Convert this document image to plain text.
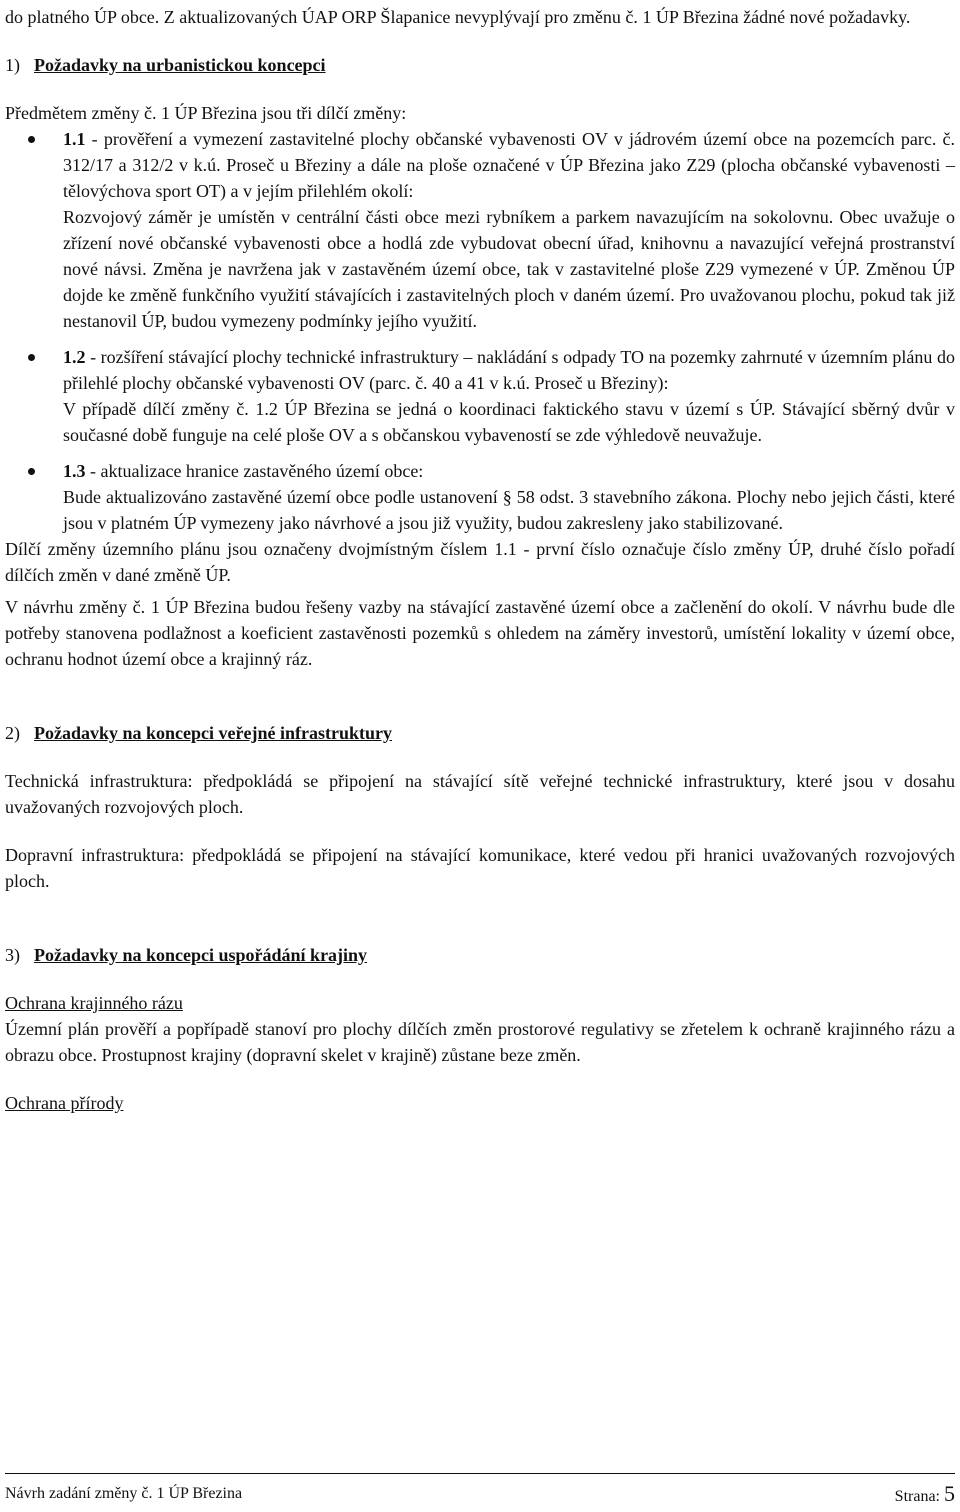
do platného ÚP obce. Z aktualizovaných ÚAP ORP Šlapanice nevyplývají pro změnu č. 1 ÚP Březina žádné nové požadavky.

1) Požadavky na urbanistickou koncepci

Předmětem změny č. 1 ÚP Březina jsou tři dílčí změny:

1.1 - prověření a vymezení zastavitelné plochy občanské vybavenosti OV v jádrovém území obce na pozemcích parc. č. 312/17 a 312/2 v k.ú. Proseč u Březiny a dále na ploše označené v ÚP Březina jako Z29 (plocha občanské vybavenosti – tělovýchova sport OT) a v jejím přilehlém okolí:

Rozvojový záměr je umístěn v centrální části obce mezi rybníkem a parkem navazujícím na sokolovnu. Obec uvažuje o zřízení nové občanské vybavenosti obce a hodlá zde vybudovat obecní úřad, knihovnu a navazující veřejná prostranství nové návsi. Změna je navržena jak v zastavěném území obce, tak v zastavitelné ploše Z29 vymezené v ÚP. Změnou ÚP dojde ke změně funkčního využití stávajících i zastavitelných ploch v daném území. Pro uvažovanou plochu, pokud tak již nestanovil ÚP, budou vymezeny podmínky jejího využití.

1.2 - rozšíření stávající plochy technické infrastruktury – nakládání s odpady TO na pozemky zahrnuté v územním plánu do přilehlé plochy občanské vybavenosti OV (parc. č. 40 a 41 v k.ú. Proseč u Březiny):

V případě dílčí změny č. 1.2 ÚP Březina se jedná o koordinaci faktického stavu v území s ÚP. Stávající sběrný dvůr v současné době funguje na celé ploše OV a s občanskou vybaveností se zde výhledově neuvažuje.

1.3 - aktualizace hranice zastavěného území obce:

Bude aktualizováno zastavěné území obce podle ustanovení § 58 odst. 3 stavebního zákona. Plochy nebo jejich části, které jsou v platném ÚP vymezeny jako návrhové a jsou již využity, budou zakresleny jako stabilizované.

Dílčí změny územního plánu jsou označeny dvojmístným číslem 1.1 - první číslo označuje číslo změny ÚP, druhé číslo pořadí dílčích změn v dané změně ÚP.

V návrhu změny č. 1 ÚP Březina budou řešeny vazby na stávající zastavěné území obce a začlenění do okolí. V návrhu bude dle potřeby stanovena podlažnost a koeficient zastavěnosti pozemků s ohledem na záměry investorů, umístění lokality v území obce, ochranu hodnot území obce a krajinný ráz.

2) Požadavky na koncepci veřejné infrastruktury

Technická infrastruktura: předpokládá se připojení na stávající sítě veřejné technické infrastruktury, které jsou v dosahu uvažovaných rozvojových ploch.

Dopravní infrastruktura: předpokládá se připojení na stávající komunikace, které vedou při hranici uvažovaných rozvojových ploch.

3) Požadavky na koncepci uspořádání krajiny

Ochrana krajinného rázu

Územní plán prověří a popřípadě stanoví pro plochy dílčích změn prostorové regulativy se zřetelem k ochraně krajinného rázu a obrazu obce. Prostupnost krajiny (dopravní skelet v krajině) zůstane beze změn.

Ochrana přírody

Návrh zadání změny č. 1 ÚP Březina	Strana: 5
